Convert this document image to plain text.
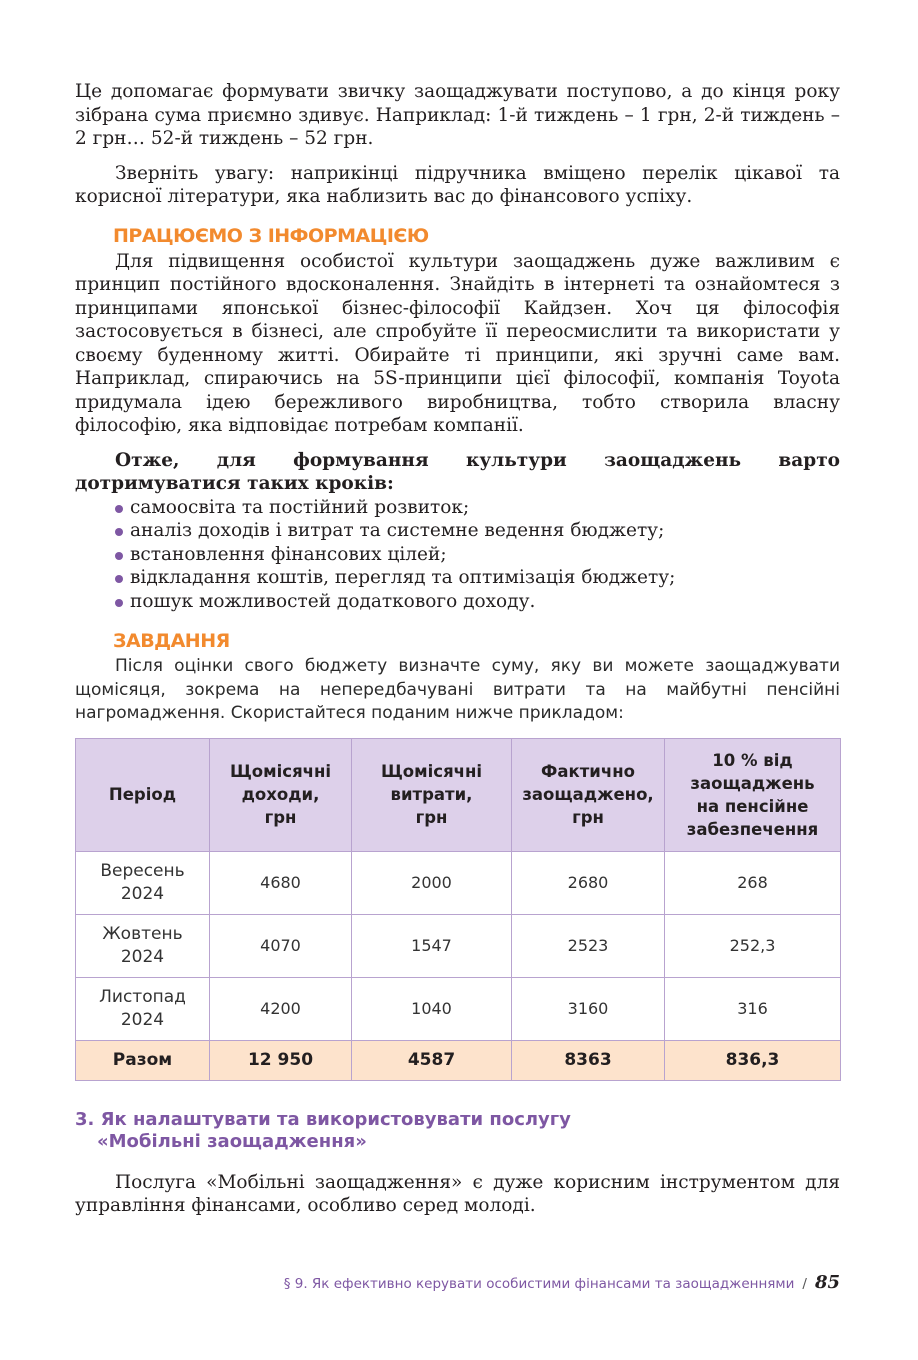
Це допомагає формувати звичку заощаджувати поступово, а до кінця року зібрана сума приємно здивує. Наприклад: 1-й тиждень – 1 грн, 2-й тиждень – 2 грн… 52-й тиждень – 52 грн.

Зверніть увагу: наприкінці підручника вміщено перелік цікавої та корисної літератури, яка наблизить вас до фінансового успіху.

ПРАЦЮЄМО З ІНФОРМАЦІЄЮ

Для підвищення особистої культури заощаджень дуже важливим є принцип постійного вдосконалення. Знайдіть в інтернеті та ознайомтеся з принципами японської бізнес-філософії Кайдзен. Хоч ця філософія застосовується в бізнесі, але спробуйте її переосмислити та використати у своєму буденному житті. Обирайте ті принципи, які зручні саме вам. Наприклад, спираючись на 5S-принципи цієї філософії, компанія Toyota придумала ідею бережливого виробництва, тобто створила власну філософію, яка відповідає потребам компанії.

Отже, для формування культури заощаджень варто дотримуватися таких кроків:

самоосвіта та постійний розвиток;
аналіз доходів і витрат та системне ведення бюджету;
встановлення фінансових цілей;
відкладання коштів, перегляд та оптимізація бюджету;
пошук можливостей додаткового доходу.
ЗАВДАННЯ

Після оцінки свого бюджету визначте суму, яку ви можете заощаджувати щомісяця, зокрема на непередбачувані витрати та на майбутні пенсійні нагромадження. Скористайтеся поданим нижче прикладом:

Період	Щомісячні доходи, грн	Щомісячні витрати, грн	Фактично заощаджено, грн	10 % від заощаджень на пенсійне забезпечення
Вересень 2024	4680	2000	2680	268
Жовтень 2024	4070	1547	2523	252,3
Листопад 2024	4200	1040	3160	316
Разом	12 950	4587	8363	836,3
3. Як налаштувати та використовувати послугу
«Мобільні заощадження»

Послуга «Мобільні заощадження» є дуже корисним інструментом для управління фінансами, особливо серед молоді.

§ 9. Як ефективно керувати особистими фінансами та заощадженнями / 85
